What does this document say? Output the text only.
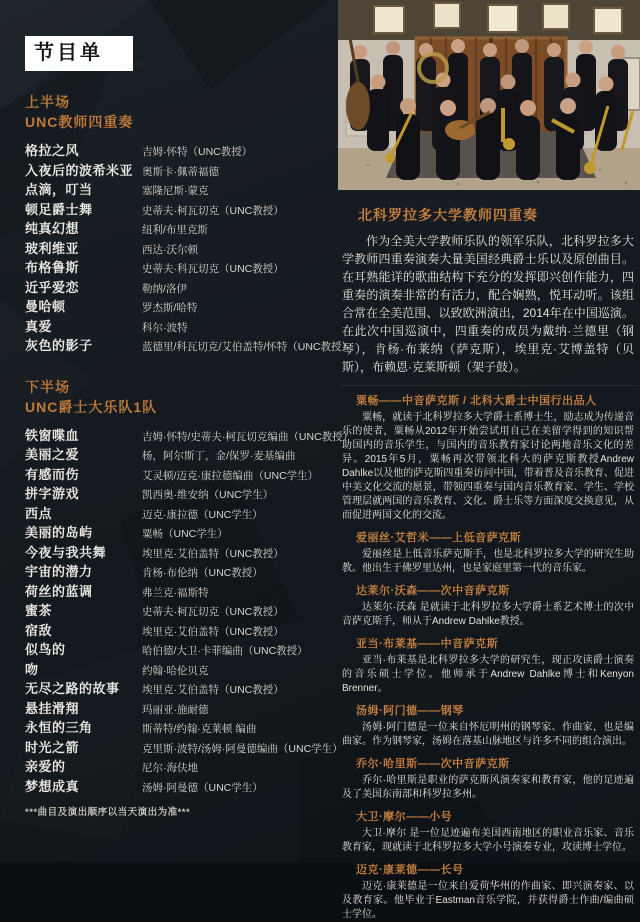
节目单
上半场
UNC教师四重奏
格拉之风	吉姆·怀特（UNC教授）
入夜后的波希米亚 奥斯卡·佩蒂福德
点滴，叮当	塞隆尼斯·蒙克
顿足爵士舞	史蒂夫·柯瓦切克（UNC教授）
纯真幻想	纽利/布里克斯
玻利维亚	西达·沃尔顿
布格鲁斯	史蒂夫·科瓦切克（UNC教授）
近乎爱恋	勒纳/洛伊
曼哈顿	罗杰斯/哈特
真爱	科尔·波特
灰色的影子	蓝德里/科瓦切克/艾伯盖特/怀特（UNC教授）
下半场
UNC爵士大乐队1队
铁窗喋血	吉姆·怀特/史蒂夫·柯瓦切克编曲（UNC教授）
美丽之爱	杨，阿尔斯丁，金/保罗·麦基编曲
有感而伤	艾灵顿/迈克·康拉德编曲（UNC学生）
拼字游戏	凯西奥·维安纳（UNC学生）
西点	迈克·康拉德（UNC学生）
美丽的岛屿	粟畅（UNC学生）
今夜与我共舞	埃里克·艾伯盖特（UNC教授）
宇宙的潜力	肯杨·布伦纳（UNC教授）
荷丝的蓝调	弗兰克·福斯特
蜜茶	史蒂夫·柯瓦切克（UNC教授）
宿敌	埃里克·艾伯盖特（UNC教授）
似鸟的	哈伯德/大卫·卡菲编曲（UNC教授）
吻	约翰·哈伦贝克
无尽之路的故事	埃里克·艾伯盖特（UNC教授）
悬挂滑翔	玛丽亚·施耐德
永恒的三角	斯蒂特/约翰·克莱顿 编曲
时光之箭	克里斯·波特/汤姆·阿曼德编曲（UNC学生）
亲爱的	尼尔·海伕地
梦想成真	汤姆·阿曼德（UNC学生）
***曲目及演出顺序以当天演出为准***
北科罗拉多大学教师四重奏

作为全美大学教师乐队的领军乐队，北科罗拉多大学教师四重奏演奏大量美国经典爵士乐以及原创曲目。在耳熟能详的歌曲结构下充分的发挥即兴创作能力，四重奏的演奏非常的有活力，配合娴熟，悦耳动听。该组合常在全美范围、以致欧洲演出，2014年在中国巡演。在此次中国巡演中，四重奏的成员为戴纳·兰德里（钢琴），肯杨·布莱纳（萨克斯），埃里克·艾博盖特（贝斯），布赖恩·克莱斯顿（架子鼓）。

粟畅——中音萨克斯 / 北科大爵士中国行出品人

粟畅，就读于北科罗拉多大学爵士系博士生，励志成为传递音乐的使者，粟畅从2012年开始尝试用自己在美留学得到的知识帮助国内的音乐学生，与国内的音乐教育家讨论两地音乐文化的差异。2015年5月，粟畅再次带领北科大的萨克斯教授Andrew Dahlke以及他的萨克斯四重奏访问中国，带着普及音乐教育、促进中美文化交流的愿景，带领四重奏与国内音乐教育家、学生、学校管理层就两国的音乐教育、文化、爵士乐等方面深度交换意见，从而促进两国文化的交流。

爱丽丝·艾哲米——上低音萨克斯

爱丽丝是上低音乐萨克斯手，也是北科罗拉多大学的研究生助教。他出生于佛罗里达州，也是家庭里第一代的音乐家。

达莱尔·沃森——次中音萨克斯

达莱尔·沃森 是就读于北科罗拉多大学爵士系艺术博士的次中音萨克斯手，师从于Andrew Dahlke教授。

亚当·布莱基——中音萨克斯

亚当·布莱基是北科罗拉多大学的研究生，现正攻读爵士演奏的音乐硕士学位。他师承于Andrew Dahlke博士和Kenyon Brenner。

汤姆·阿门德——钢琴

汤姆·阿门德是一位来自怀厄明州的钢琴家、作曲家，也是编曲家。作为钢琴家，汤姆在落基山脉地区与许多不同的组合演出。

乔尔·哈里斯——次中音萨克斯

乔尔·哈里斯是职业的萨克斯风演奏家和教育家，他的足迹遍及了美国东南部和科罗拉多州。

大卫·摩尔——小号

大卫·摩尔 是一位足迹遍布美国西南地区的职业音乐家、音乐教育家，现就读于北科罗拉多大学小号演奏专业，攻读博士学位。

迈克·康莱德——长号

迈克·康莱德是一位来自爱荷华州的作曲家、即兴演奏家、以及教育家。他毕业于Eastman音乐学院，并获得爵士作曲/编曲硕士学位。
